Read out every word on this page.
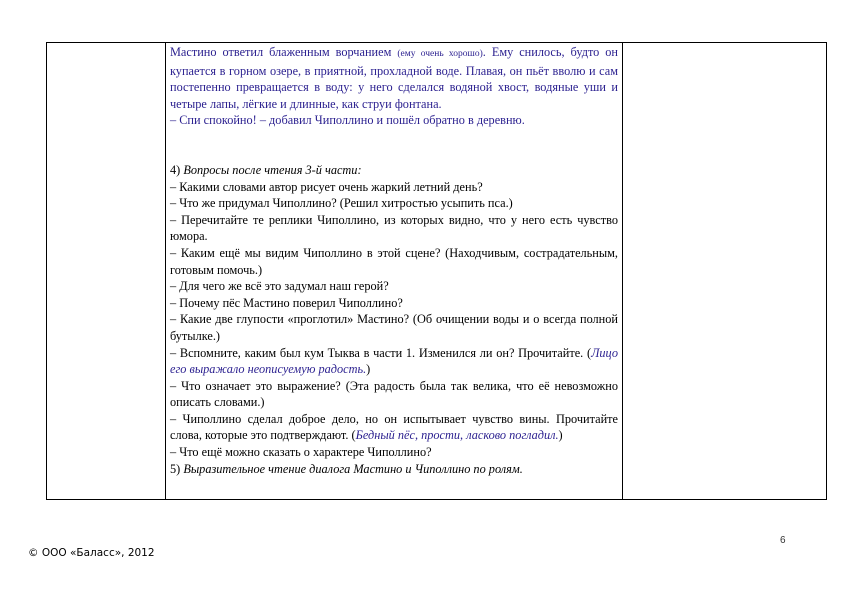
Мастино ответил блаженным ворчанием (ему очень хорошо). Ему снилось, будто он купается в горном озере, в приятной, прохладной воде. Плавая, он пьёт вволю и сам постепенно превращается в воду: у него сделался водяной хвост, водяные уши и четыре лапы, лёгкие и длинные, как струи фонтана.

– Спи спокойно! – добавил Чиполлино и пошёл обратно в деревню.

4) Вопросы после чтения 3-й части:

– Какими словами автор рисует очень жаркий летний день?

– Что же придумал Чиполлино? (Решил хитростью усыпить пса.)

– Перечитайте те реплики Чиполлино, из которых видно, что у него есть чувство юмора.

– Каким ещё мы видим Чиполлино в этой сцене? (Находчивым, сострадательным, готовым помочь.)

– Для чего же всё это задумал наш герой?

– Почему пёс Мастино поверил Чиполлино?

– Какие две глупости «проглотил» Мастино? (Об очищении воды и о всегда полной бутылке.)

– Вспомните, каким был кум Тыква в части 1. Изменился ли он? Прочитайте. (Лицо его выражало неописуемую радость.)

– Что означает это выражение? (Эта радость была так велика, что её невозможно описать словами.)

– Чиполлино сделал доброе дело, но он испытывает чувство вины. Прочитайте слова, которые это подтверждают. (Бедный пёс, прости, ласково погладил.)

– Что ещё можно сказать о характере Чиполлино?

5) Выразительное чтение диалога Мастино и Чиполлино по ролям.

6
© ООО «Баласс», 2012
